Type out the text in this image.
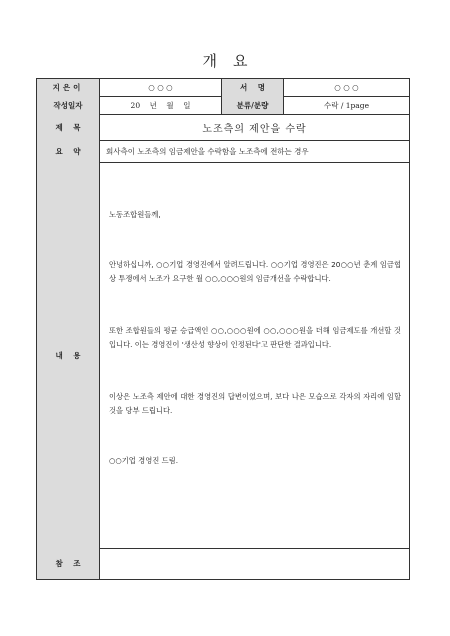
개요
지은이	○ ○ ○	서    명	○ ○ ○
작성일자	20    년    월    일	분류/분량	수락 / 1page
제    목	노조측의 제안을 수락
요    약	회사측이 노조측의 임금제안을 수락함을 노조측에 전하는 경우
내    용

노동조합원들께,

안녕하십니까, ○○기업 경영진에서 알려드립니다. ○○기업 경영진은 20○○년 춘계 임금협상 투쟁에서 노조가 요구한 월 ○○,○○○원의 임금개선을 수락합니다.

또한 조합원들의 평균 승급액인 ○○,○○○원에 ○○,○○○원을 더해 임금제도를 개선할 것입니다. 이는 경영진이 '생산성 향상이 인정된다'고 판단한 결과입니다.

이상은 노조측 제안에 대한 경영진의 답변이었으며, 보다 나은 모습으로 각자의 자리에 임할 것을 당부 드립니다.

○○기업 경영진 드림.

참    조
